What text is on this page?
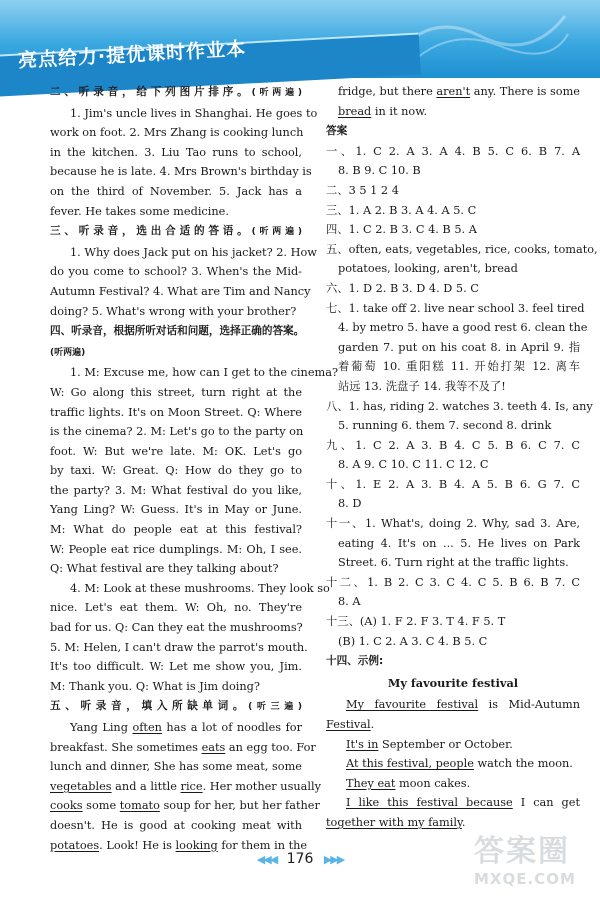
亮点给力·提优课时作业本
二、听录音，给下列图片排序。(听两遍)
1. Jim's uncle lives in Shanghai. He goes to
work on foot. 2. Mrs Zhang is cooking lunch
in the kitchen. 3. Liu Tao runs to school,
because he is late. 4. Mrs Brown's birthday is
on the third of November. 5. Jack has a
fever. He takes some medicine.
三、听录音，选出合适的答语。(听两遍)
1. Why does Jack put on his jacket? 2. How
do you come to school? 3. When's the Mid-
Autumn Festival? 4. What are Tim and Nancy
doing? 5. What's wrong with your brother?
四、听录音，根据所听对话和问题，选择正确的答案。
(听两遍)
1. M: Excuse me, how can I get to the cinema?
W: Go along this street, turn right at the
traffic lights. It's on Moon Street. Q: Where
is the cinema? 2. M: Let's go to the party on
foot. W: But we're late. M: OK. Let's go
by taxi. W: Great. Q: How do they go to
the party? 3. M: What festival do you like,
Yang Ling? W: Guess. It's in May or June.
M: What do people eat at this festival?
W: People eat rice dumplings. M: Oh, I see.
Q: What festival are they talking about?
4. M: Look at these mushrooms. They look so
nice. Let's eat them. W: Oh, no. They're
bad for us. Q: Can they eat the mushrooms?
5. M: Helen, I can't draw the parrot's mouth.
It's too difficult. W: Let me show you, Jim.
M: Thank you. Q: What is Jim doing?
五、听录音，填入所缺单词。(听三遍)
Yang Ling often has a lot of noodles for
breakfast. She sometimes eats an egg too. For
lunch and dinner, She has some meat, some
vegetables and a little rice. Her mother usually
cooks some tomato soup for her, but her father
doesn't. He is good at cooking meat with
potatoes. Look! He is looking for them in the
fridge, but there aren't any. There is some
bread in it now.
答案
一、1. C 2. A 3. A 4. B 5. C 6. B 7. A
8. B 9. C 10. B
二、3 5 1 2 4
三、1. A 2. B 3. A 4. A 5. C
四、1. C 2. B 3. C 4. B 5. A
五、often, eats, vegetables, rice, cooks, tomato,
potatoes, looking, aren't, bread
六、1. D 2. B 3. D 4. D 5. C
七、1. take off 2. live near school 3. feel tired
4. by metro 5. have a good rest 6. clean the
garden 7. put on his coat 8. in April 9. 指
着葡萄 10. 重阳糕 11. 开始打架 12. 离车
站远 13. 洗盘子 14. 我等不及了!
八、1. has, riding 2. watches 3. teeth 4. Is, any
5. running 6. them 7. second 8. drink
九、1. C 2. A 3. B 4. C 5. B 6. C 7. C
8. A 9. C 10. C 11. C 12. C
十、1. E 2. A 3. B 4. A 5. B 6. G 7. C
8. D
十一、1. What's, doing 2. Why, sad 3. Are,
eating 4. It's on ... 5. He lives on Park
Street. 6. Turn right at the traffic lights.
十二、1. B 2. C 3. C 4. C 5. B 6. B 7. C
8. A
十三、(A) 1. F 2. F 3. T 4. F 5. T
(B) 1. C 2. A 3. C 4. B 5. C
十四、示例:
My favourite festival
My favourite festival is Mid-Autumn
Festival.
It's in September or October.
At this festival, people watch the moon.
They eat moon cakes.
I like this festival because I can get
together with my family.
◀◀◀ 176 ▶▶▶	答案圈
MXQE.COM
